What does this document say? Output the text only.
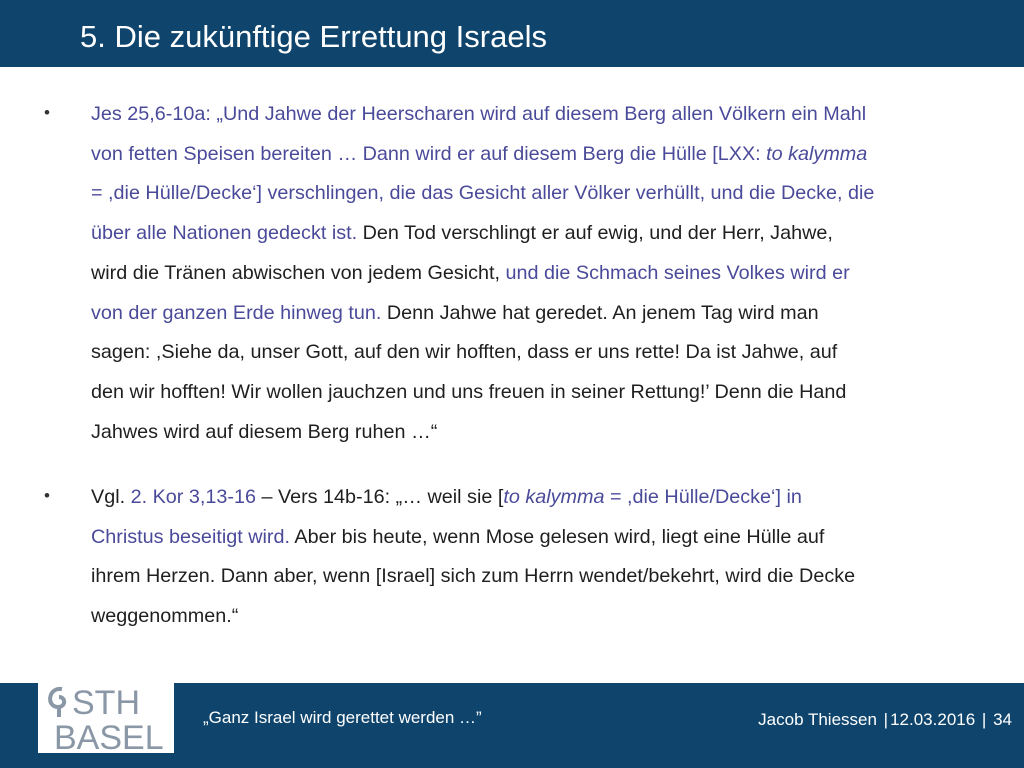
5. Die zukünftige Errettung Israels
• Jes 25,6-10a: „Und Jahwe der Heerscharen wird auf diesem Berg allen Völkern ein Mahl
von fetten Speisen bereiten … Dann wird er auf diesem Berg die Hülle [LXX: to kalymma
= ,die Hülle/Decke‘] verschlingen, die das Gesicht aller Völker verhüllt, und die Decke, die
über alle Nationen gedeckt ist. Den Tod verschlingt er auf ewig, und der Herr, Jahwe,
wird die Tränen abwischen von jedem Gesicht, und die Schmach seines Volkes wird er
von der ganzen Erde hinweg tun. Denn Jahwe hat geredet. An jenem Tag wird man
sagen: ,Siehe da, unser Gott, auf den wir hofften, dass er uns rette! Da ist Jahwe, auf
den wir hofften! Wir wollen jauchzen und uns freuen in seiner Rettung!’ Denn die Hand
Jahwes wird auf diesem Berg ruhen …“
• Vgl. 2. Kor 3,13-16 – Vers 14b-16: „… weil sie [to kalymma = ,die Hülle/Decke‘] in
Christus beseitigt wird. Aber bis heute, wenn Mose gelesen wird, liegt eine Hülle auf
ihrem Herzen. Dann aber, wenn [Israel] sich zum Herrn wendet/bekehrt, wird die Decke
weggenommen.“
STH
BASEL
„Ganz Israel wird gerettet werden …”	Jacob Thiessen | 12.03.2016 | 34
